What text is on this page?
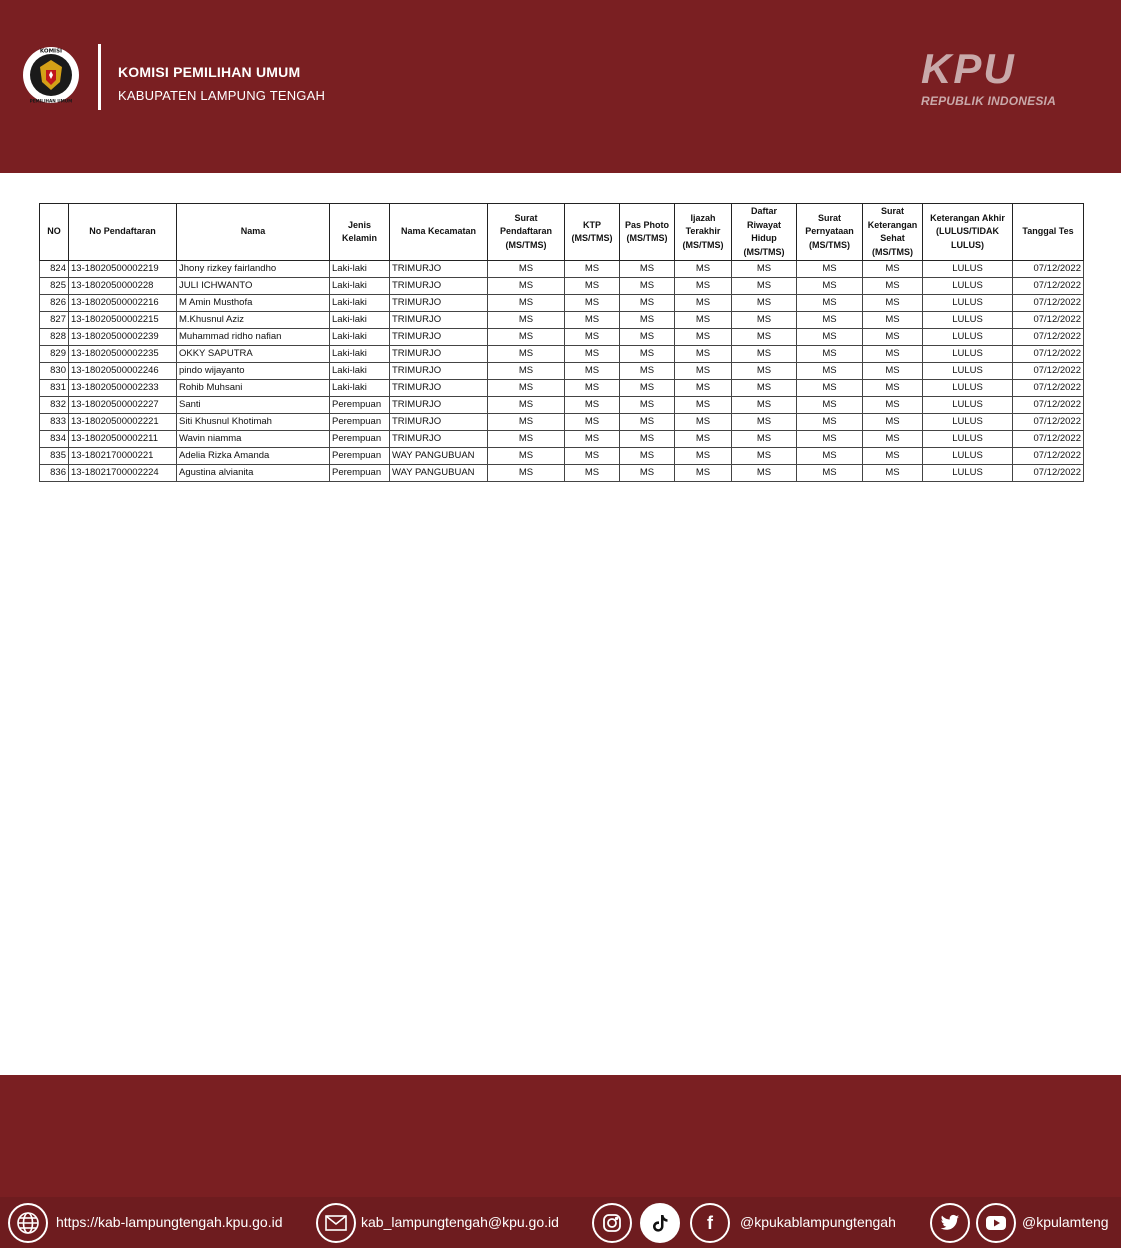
KOMISI
PEMILIHAN UMUM
KOMISI PEMILIHAN UMUM
KABUPATEN LAMPUNG TENGAH
KPU
REPUBLIK INDONESIA
NO	No Pendaftaran	Nama	Jenis Kelamin	Nama Kecamatan	Surat Pendaftaran (MS/TMS)	KTP (MS/TMS)	Pas Photo (MS/TMS)	Ijazah Terakhir (MS/TMS)	Daftar Riwayat Hidup (MS/TMS)	Surat Pernyataan (MS/TMS)	Surat Keterangan Sehat (MS/TMS)	Keterangan Akhir (LULUS/TIDAK LULUS)	Tanggal Tes
824	13-18020500002219	Jhony rizkey fairlandho	Laki-laki	TRIMURJO	MS	MS	MS	MS	MS	MS	MS	LULUS	07/12/2022
825	13-1802050000228	JULI ICHWANTO	Laki-laki	TRIMURJO	MS	MS	MS	MS	MS	MS	MS	LULUS	07/12/2022
826	13-18020500002216	M Amin Musthofa	Laki-laki	TRIMURJO	MS	MS	MS	MS	MS	MS	MS	LULUS	07/12/2022
827	13-18020500002215	M.Khusnul Aziz	Laki-laki	TRIMURJO	MS	MS	MS	MS	MS	MS	MS	LULUS	07/12/2022
828	13-18020500002239	Muhammad ridho nafian	Laki-laki	TRIMURJO	MS	MS	MS	MS	MS	MS	MS	LULUS	07/12/2022
829	13-18020500002235	OKKY SAPUTRA	Laki-laki	TRIMURJO	MS	MS	MS	MS	MS	MS	MS	LULUS	07/12/2022
830	13-18020500002246	pindo wijayanto	Laki-laki	TRIMURJO	MS	MS	MS	MS	MS	MS	MS	LULUS	07/12/2022
831	13-18020500002233	Rohib Muhsani	Laki-laki	TRIMURJO	MS	MS	MS	MS	MS	MS	MS	LULUS	07/12/2022
832	13-18020500002227	Santi	Perempuan	TRIMURJO	MS	MS	MS	MS	MS	MS	MS	LULUS	07/12/2022
833	13-18020500002221	Siti Khusnul Khotimah	Perempuan	TRIMURJO	MS	MS	MS	MS	MS	MS	MS	LULUS	07/12/2022
834	13-18020500002211	Wavin niamma	Perempuan	TRIMURJO	MS	MS	MS	MS	MS	MS	MS	LULUS	07/12/2022
835	13-1802170000221	Adelia Rizka Amanda	Perempuan	WAY PANGUBUAN	MS	MS	MS	MS	MS	MS	MS	LULUS	07/12/2022
836	13-18021700002224	Agustina alvianita	Perempuan	WAY PANGUBUAN	MS	MS	MS	MS	MS	MS	MS	LULUS	07/12/2022
https://kab-lampungtengah.kpu.go.id	kab_lampungtengah@kpu.go.id	f	@kpukablampungtengah	@kpulamteng
